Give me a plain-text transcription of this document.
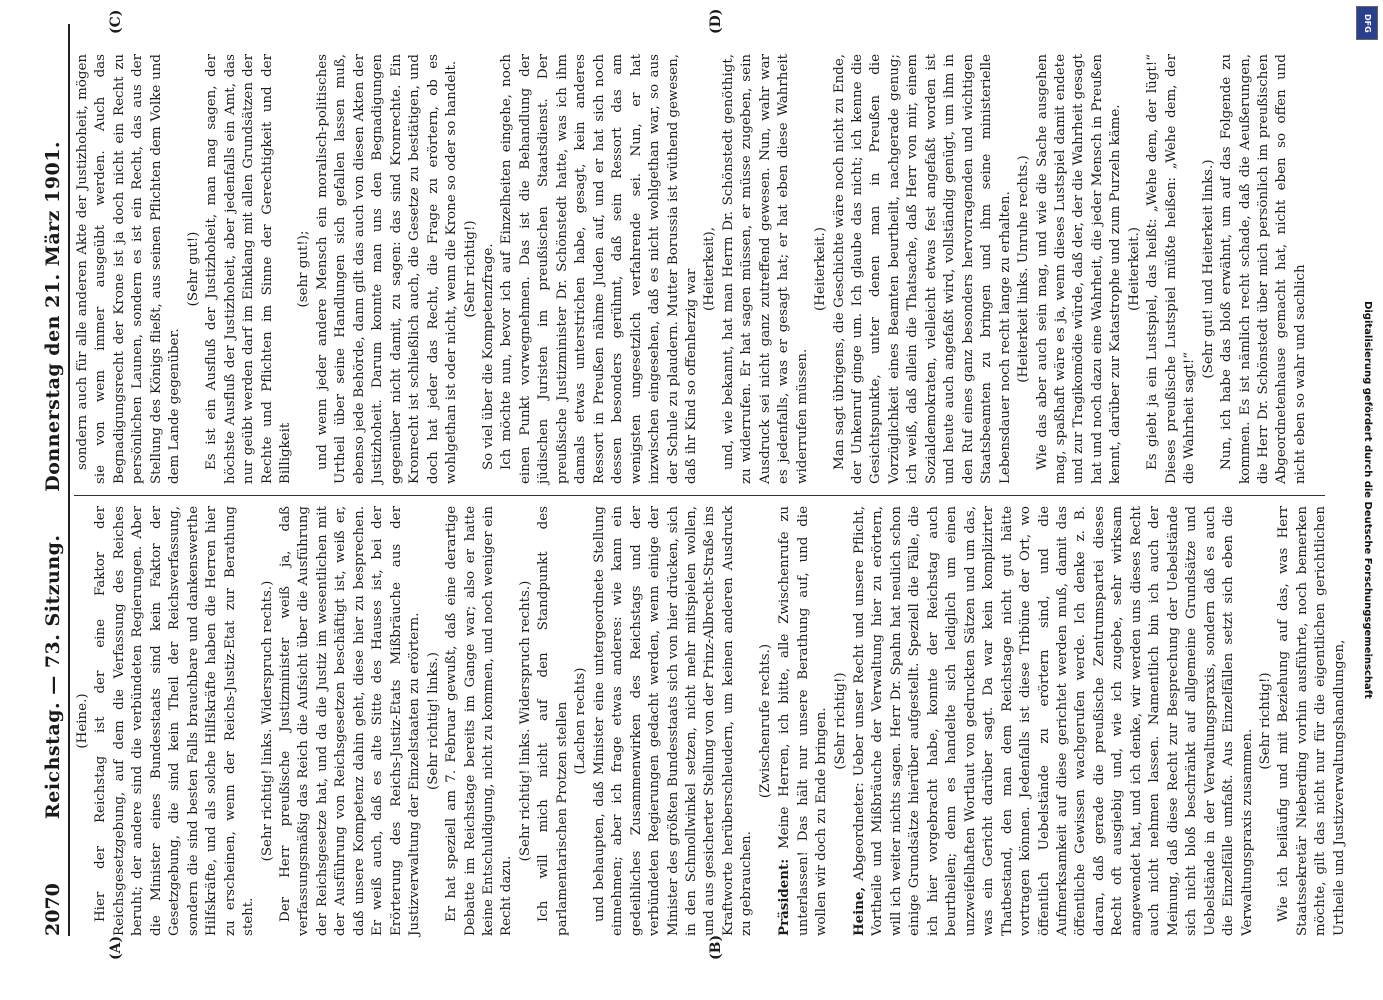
2070
Reichstag. — 73. Sitzung.      Donnerstag den 21. März 1901.
(A)	(B)
(C)	(D)

(Heine.) Hier der Reichstag ist der eine Faktor der Reichsgesetzgebung, auf dem die Verfassung des Reiches beruht; der andere sind die verbündeten Regierungen. Aber die Minister eines Bundesstaats sind kein Faktor der Gesetzgebung, die sind kein Theil der Reichsverfassung, sondern die sind besten Falls brauchbare und dankenswerthe Hilfskräfte, und als solche Hilfskräfte haben die Herren hier zu erscheinen, wenn der Reichs-Justiz-Etat zur Berathung steht.

(Sehr richtig! links. Widerspruch rechts.) Der Herr preußische Justizminister weiß ja, daß verfassungsmäßig das Reich die Aufsicht über die Ausführung der Reichsgesetze hat, und da die Justiz im wesentlichen mit der Ausführung von Reichsgesetzen beschäftigt ist, weiß er, daß unsere Kompetenz dahin geht, diese hier zu besprechen. Er weiß auch, daß es alte Sitte des Hauses ist, bei der Erörterung des Reichs-Justiz-Etats Mißbräuche aus der Justizverwaltung der Einzelstaaten zu erörtern. (Sehr richtig! links.) Er hat speziell am 7. Februar gewußt, daß eine derartige Debatte im Reichstage bereits im Gange war; also er hatte keine Entschuldigung, nicht zu kommen, und noch weniger ein Recht dazu.

(Sehr richtig! links. Widerspruch rechts.) Ich will mich nicht auf den Standpunkt des parlamentarischen Protzen stellen (Lachen rechts) und behaupten, daß Minister eine untergeordnete Stellung einnehmen; aber ich frage etwas anderes: wie kann ein gedeihliches Zusammenwirken des Reichstags und der verbündeten Regierungen gedacht werden, wenn einige der Minister des größten Bundesstaats sich von hier drücken, sich in den Schmollwinkel setzen, nicht mehr mitspielen wollen, und aus gesicherter Stellung von der Prinz-Albrecht-Straße ins Kraftworte herüberschleudern, um keinen anderen Ausdruck zu gebrauchen.

(Zwischenrufe rechts.)

Präsident: Meine Herren, ich bitte, alle Zwischenrufe zu unterlassen! Das hält nur unsere Berathung auf, und die wollen wir doch zu Ende bringen. (Sehr richtig!)

Heine, Abgeordneter: Ueber unser Recht und unsere Pflicht, Vortheile und Mißbräuche der Verwaltung hier zu erörtern, will ich weiter nichts sagen. Herr Dr. Spahn hat neulich schon einige Grundsätze hierüber aufgestellt. Speziell die Fälle, die ich hier vorgebracht habe, konnte der Reichstag auch beurtheilen; denn es handelte sich lediglich um einen unzweifelhaften Wortlaut von gedruckten Sätzen und um das, was ein Gericht darüber sagt. Da war kein komplizirter Thatbestand, den man dem Reichstage nicht gut hätte vortragen können. Jedenfalls ist diese Tribüne der Ort, wo öffentlich Uebelstände zu erörtern sind, und die Aufmerksamkeit auf diese gerichtet werden muß, damit das öffentliche Gewissen wachgerufen werde. Ich denke z. B. daran, daß gerade die preußische Zentrumspartei dieses Recht oft ausgiebig und, wie ich zugebe, sehr wirksam angewendet hat, und ich denke, wir werden uns dieses Recht auch nicht nehmen lassen. Namentlich bin ich auch der Meinung, daß diese Recht zur Besprechung der Uebelstände sich nicht bloß beschränkt auf allgemeine Grundsätze und Uebelstände in der Verwaltungspraxis, sondern daß es auch die Einzelfälle umfaßt. Aus Einzelfällen setzt sich eben die Verwaltungspraxis zusammen.

(Sehr richtig!) Wie ich beiläufig und mit Beziehung auf das, was Herr Staatssekretär Nieberding vorhin ausführte, noch bemerken möchte, gilt das nicht nur für die eigentlichen gerichtlichen Urtheile und Justizverwaltungshandlungen,

sondern auch für alle anderen Akte der Justizhoheit, mögen sie von wem immer ausgeübt werden. Auch das Begnadigungsrecht der Krone ist ja doch nicht ein Recht zu persönlichen Launen, sondern es ist ein Recht, das aus der Stellung des Königs fließt, aus seinen Pflichten dem Volke und dem Lande gegenüber.

(Sehr gut!) Es ist ein Ausfluß der Justizhoheit, man mag sagen, der höchste Ausfluß der Justizhoheit, aber jedenfalls ein Amt, das nur geübt werden darf im Einklang mit allen Grundsätzen der Rechte und Pflichten im Sinne der Gerechtigkeit und der Billigkeit

(sehr gut!); und wenn jeder andere Mensch ein moralisch-politisches Urtheil über seine Handlungen sich gefallen lassen muß, ebenso jede Behörde, dann gilt das auch von diesen Akten der Justizhoheit. Darum konnte man uns den Begnadigungen gegenüber nicht damit, zu sagen: das sind Kronrechte. Ein Kronrecht ist schließlich auch, die Gesetze zu bestätigen, und doch hat jeder das Recht, die Frage zu erörtern, ob es wohlgethan ist oder nicht, wenn die Krone so oder so handelt. (Sehr richtig!) So viel über die Kompetenzfrage. Ich möchte nun, bevor ich auf Einzelheiten eingehe, noch einen Punkt vorwegnehmen. Das ist die Behandlung der jüdischen Juristen im preußischen Staatsdienst. Der preußische Justizminister Dr. Schönstedt hatte, was ich ihm damals etwas unterstrichen habe, gesagt, kein anderes Ressort in Preußen nähme Juden auf, und er hat sich noch dessen besonders gerühmt, daß sein Ressort das am wenigsten ungesetzlich verfahrende sei. Nun, er hat inzwischen eingesehen, daß es nicht wohlgethan war, so aus der Schule zu plaudern. Mutter Borussia ist wüthend gewesen, daß ihr Kind so offenherzig war (Heiterkeit), und, wie bekannt, hat man Herrn Dr. Schönstedt genöthigt, zu widerrufen. Er hat sagen müssen, er müsse zugeben, sein Ausdruck sei nicht ganz zutreffend gewesen. Nun, wahr war es jedenfalls, was er gesagt hat; er hat eben diese Wahrheit widerrufen müssen.

(Heiterkeit.) Man sagt übrigens, die Geschichte wäre noch nicht zu Ende, der Unkenruf ginge um. Ich glaube das nicht; ich kenne die Gesichtspunkte, unter denen man in Preußen die Vorzüglichkeit eines Beamten beurtheilt, nachgerade genug; ich weiß, daß allein die Thatsache, daß Herr von mir, einem Sozialdemokraten, vielleicht etwas fest angefaßt worden ist und heute auch angefaßt wird, vollständig genügt, um ihm in den Ruf eines ganz besonders hervorragenden und wichtigen Staatsbeamten zu bringen und ihm seine ministerielle Lebensdauer noch recht lange zu erhalten. (Heiterkeit links. Unruhe rechts.) Wie das aber auch sein mag, und wie die Sache ausgehen mag, spaßhaft wäre es ja, wenn dieses Lustspiel damit endete und zur Tragikomödie würde, daß der, der die Wahrheit gesagt hat und noch dazu eine Wahrheit, die jeder Mensch in Preußen kennt, darüber zur Katastrophe und zum Purzeln käme. (Heiterkeit.) Es giebt ja ein Lustspiel, das heißt: „Wehe dem, der lügt!“ Dieses preußische Lustspiel müßte heißen: „Wehe dem, der die Wahrheit sagt!“

(Sehr gut! und Heiterkeit links.) Nun, ich habe das bloß erwähnt, um auf das Folgende zu kommen. Es ist nämlich recht schade, daß die Aeußerungen, die Herr Dr. Schönstedt über mich persönlich im preußischen Abgeordnetenhause gemacht hat, nicht eben so offen und nicht eben so wahr und sachlich	Digitalisierung gefördert durch die Deutsche Forschungsgemeinschaft
DFG
